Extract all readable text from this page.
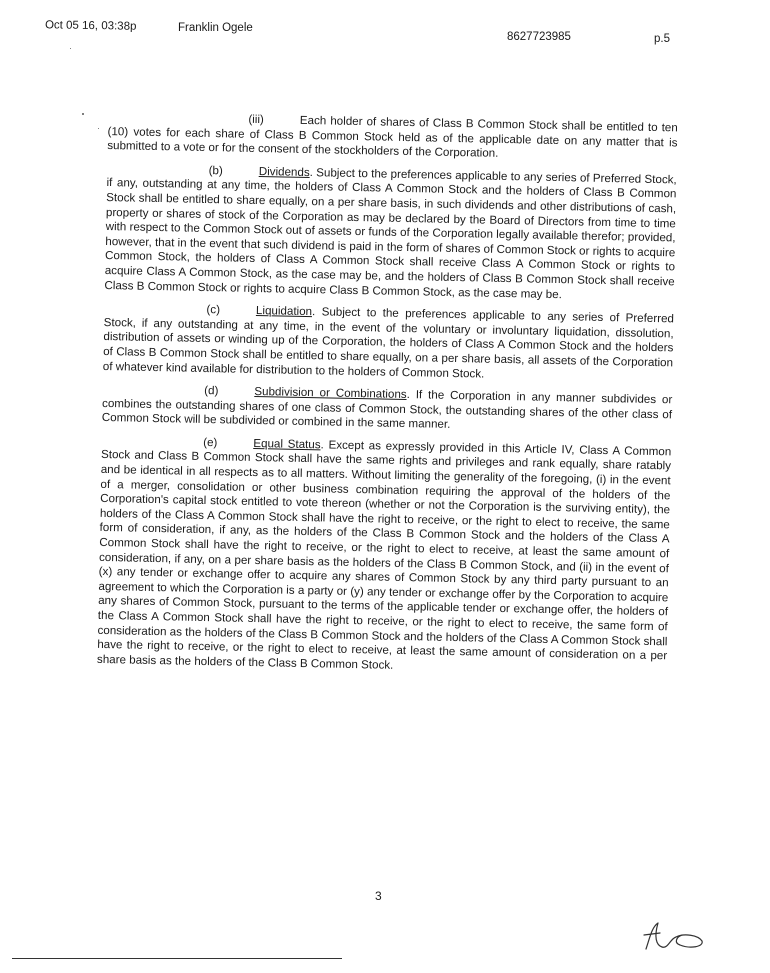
Oct 05 16, 03:38p	Franklin Ogele
8627723985	p.5

(iii)	Each holder of shares of Class B Common Stock shall be entitled to ten (10) votes for each share of Class B Common Stock held as of the applicable date on any matter that is submitted to a vote or for the consent of the stockholders of the Corporation.

(b)	Dividends. Subject to the preferences applicable to any series of Preferred Stock, if any, outstanding at any time, the holders of Class A Common Stock and the holders of Class B Common Stock shall be entitled to share equally, on a per share basis, in such dividends and other distributions of cash, property or shares of stock of the Corporation as may be declared by the Board of Directors from time to time with respect to the Common Stock out of assets or funds of the Corporation legally available therefor; provided, however, that in the event that such dividend is paid in the form of shares of Common Stock or rights to acquire Common Stock, the holders of Class A Common Stock shall receive Class A Common Stock or rights to acquire Class A Common Stock, as the case may be, and the holders of Class B Common Stock shall receive Class B Common Stock or rights to acquire Class B Common Stock, as the case may be.

(c)	Liquidation. Subject to the preferences applicable to any series of Preferred Stock, if any outstanding at any time, in the event of the voluntary or involuntary liquidation, dissolution, distribution of assets or winding up of the Corporation, the holders of Class A Common Stock and the holders of Class B Common Stock shall be entitled to share equally, on a per share basis, all assets of the Corporation of whatever kind available for distribution to the holders of Common Stock.

(d)	Subdivision or Combinations. If the Corporation in any manner subdivides or combines the outstanding shares of one class of Common Stock, the outstanding shares of the other class of Common Stock will be subdivided or combined in the same manner.

(e)	Equal Status. Except as expressly provided in this Article IV, Class A Common Stock and Class B Common Stock shall have the same rights and privileges and rank equally, share ratably and be identical in all respects as to all matters. Without limiting the generality of the foregoing, (i) in the event of a merger, consolidation or other business combination requiring the approval of the holders of the Corporation's capital stock entitled to vote thereon (whether or not the Corporation is the surviving entity), the holders of the Class A Common Stock shall have the right to receive, or the right to elect to receive, the same form of consideration, if any, as the holders of the Class B Common Stock and the holders of the Class A Common Stock shall have the right to receive, or the right to elect to receive, at least the same amount of consideration, if any, on a per share basis as the holders of the Class B Common Stock, and (ii) in the event of (x) any tender or exchange offer to acquire any shares of Common Stock by any third party pursuant to an agreement to which the Corporation is a party or (y) any tender or exchange offer by the Corporation to acquire any shares of Common Stock, pursuant to the terms of the applicable tender or exchange offer, the holders of the Class A Common Stock shall have the right to receive, or the right to elect to receive, the same form of consideration as the holders of the Class B Common Stock and the holders of the Class A Common Stock shall have the right to receive, or the right to elect to receive, at least the same amount of consideration on a per share basis as the holders of the Class B Common Stock.

3
